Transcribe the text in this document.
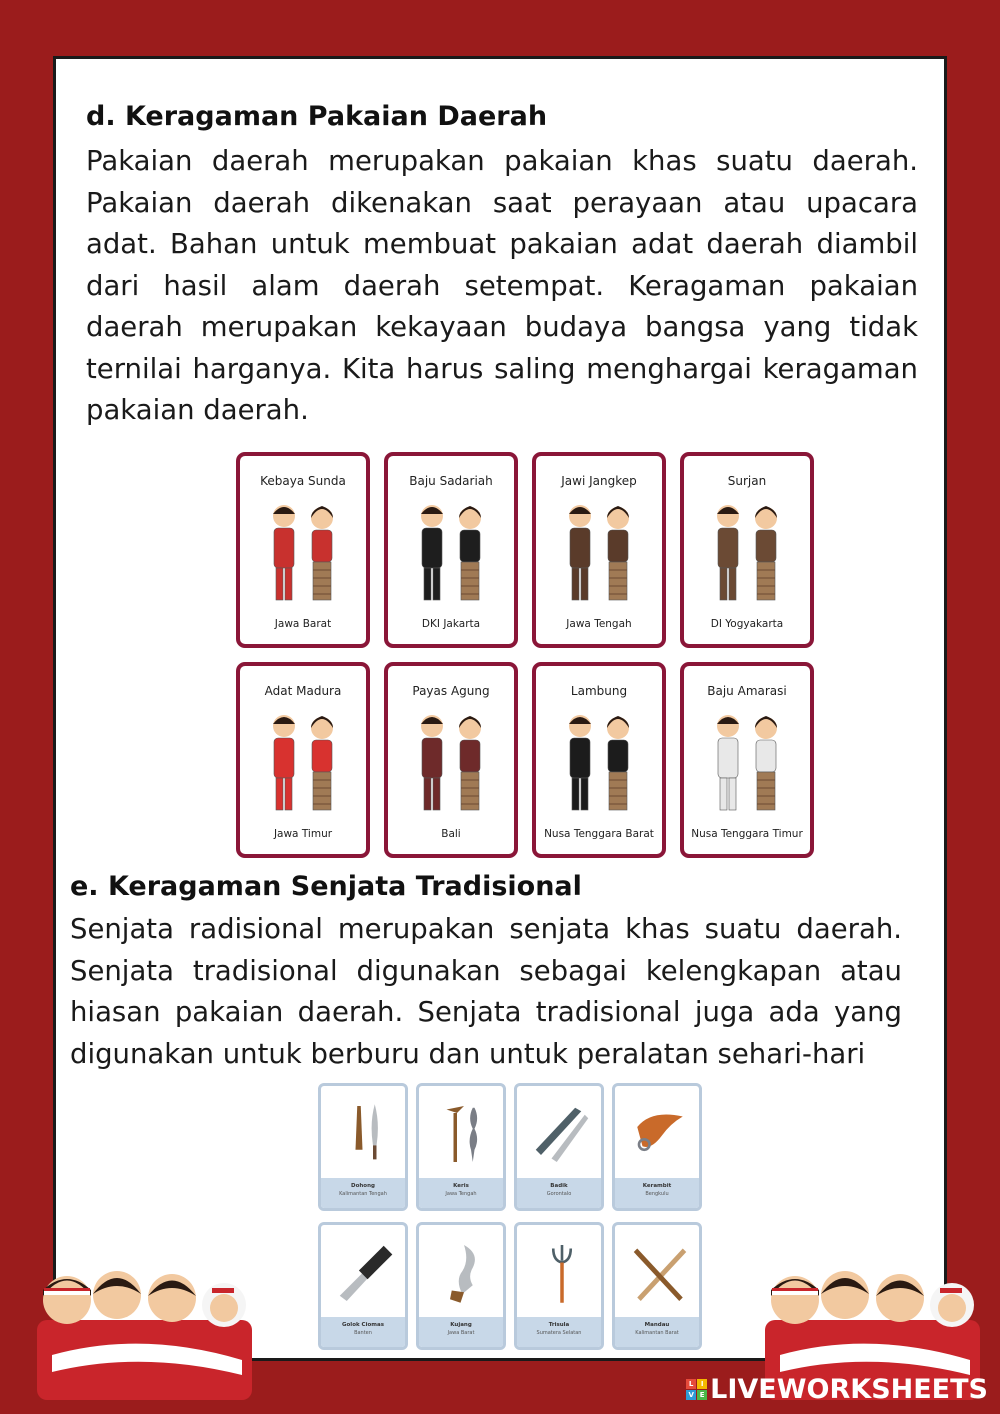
d. Keragaman Pakaian Daerah

Pakaian daerah merupakan pakaian khas suatu daerah. Pakaian daerah dikenakan saat perayaan atau upacara adat. Bahan untuk membuat pakaian adat daerah diambil dari hasil alam daerah setempat. Keragaman pakaian daerah merupakan kekayaan budaya bangsa yang tidak ternilai harganya. Kita harus saling menghargai keragaman pakaian daerah.

Kebaya Sunda
Jawa Barat
Baju Sadariah
DKI Jakarta
Jawi Jangkep
Jawa Tengah
Surjan
DI Yogyakarta
Adat Madura
Jawa Timur
Payas Agung
Bali
Lambung
Nusa Tenggara Barat
Baju Amarasi
Nusa Tenggara Timur
e. Keragaman Senjata Tradisional

Senjata radisional merupakan senjata khas suatu daerah. Senjata tradisional digunakan sebagai kelengkapan atau hiasan pakaian daerah. Senjata tradisional juga ada yang digunakan untuk berburu dan untuk peralatan sehari-hari

Dohong
Kalimantan Tengah
Keris
Jawa Tengah
Badik
Gorontalo
Kerambit
Bengkulu
Golok Ciomas
Banten
Kujang
Jawa Barat
Trisula
Sumatera Selatan
Mandau
Kalimantan Barat
L	I
V E LIVEWORKSHEETS
